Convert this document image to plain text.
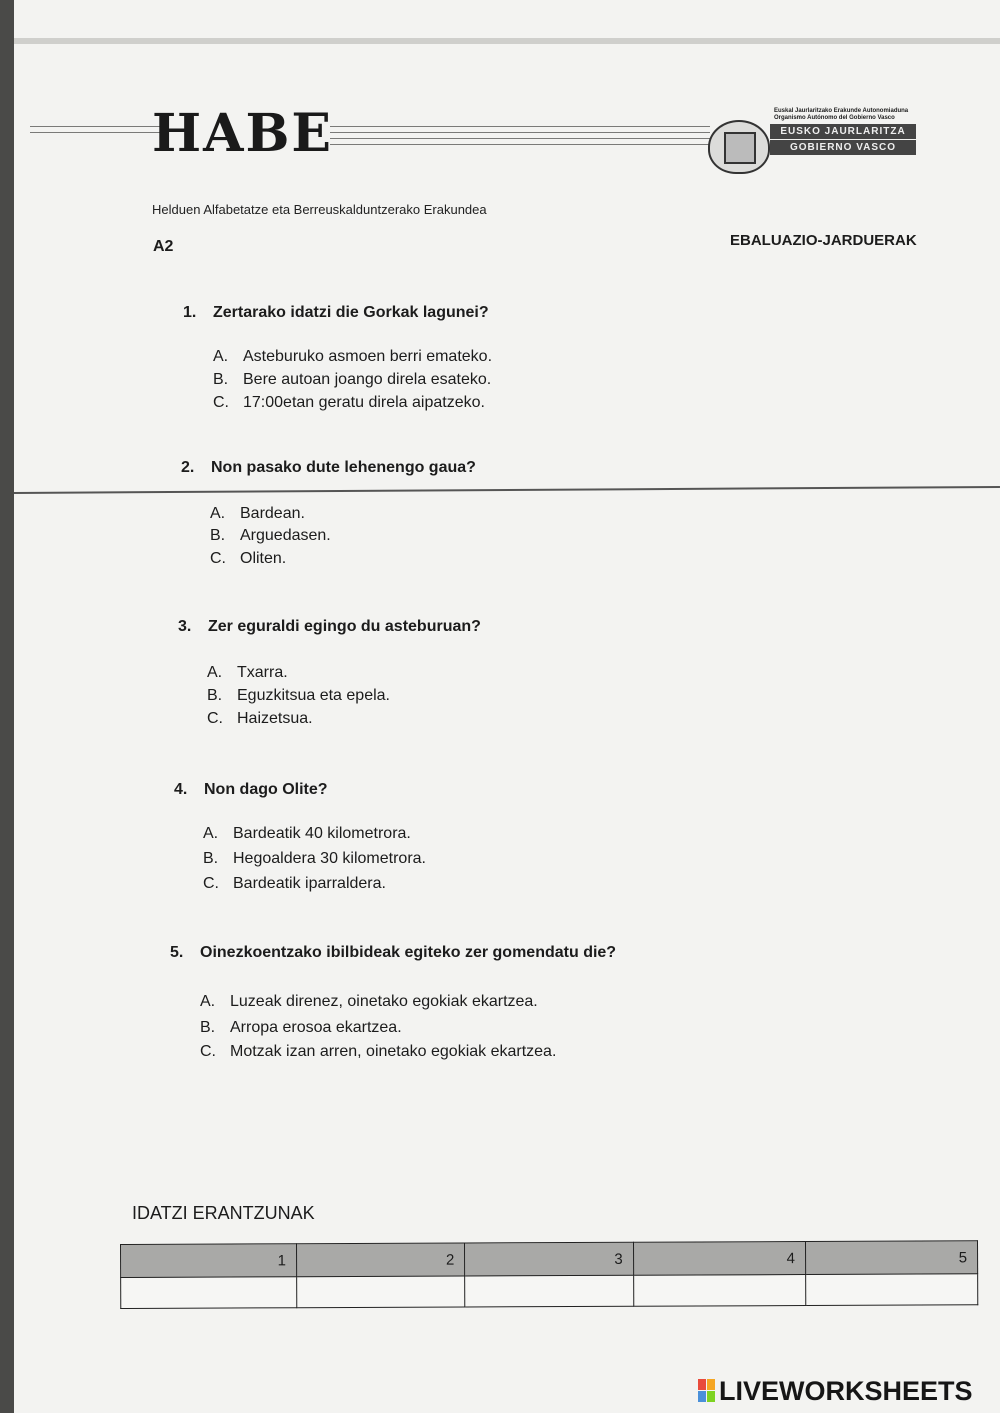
HABE	Euskal Jaurlaritzako Erakunde Autonomiaduna
Organismo Autónomo del Gobierno Vasco
EUSKO JAURLARITZA
GOBIERNO VASCO
Helduen Alfabetatze eta Berreuskalduntzerako Erakundea
A2	EBALUAZIO-JARDUERAK
1. Zertarako idatzi die Gorkak lagunei?
A. Asteburuko asmoen berri emateko.
B. Bere autoan joango direla esateko.
C. 17:00etan geratu direla aipatzeko.
2. Non pasako dute lehenengo gaua?
A. Bardean.
B. Arguedasen.
C. Oliten.
3. Zer eguraldi egingo du asteburuan?
A. Txarra.
B. Eguzkitsua eta epela.
C. Haizetsua.
4. Non dago Olite?
A. Bardeatik 40 kilometrora.
B. Hegoaldera 30 kilometrora.
C. Bardeatik iparraldera.
5. Oinezkoentzako ibilbideak egiteko zer gomendatu die?
A. Luzeak direnez, oinetako egokiak ekartzea.
B. Arropa erosoa ekartzea.
C. Motzak izan arren, oinetako egokiak ekartzea.
IDATZI ERANTZUNAK
1	2	3	4	5

LIVEWORKSHEETS
